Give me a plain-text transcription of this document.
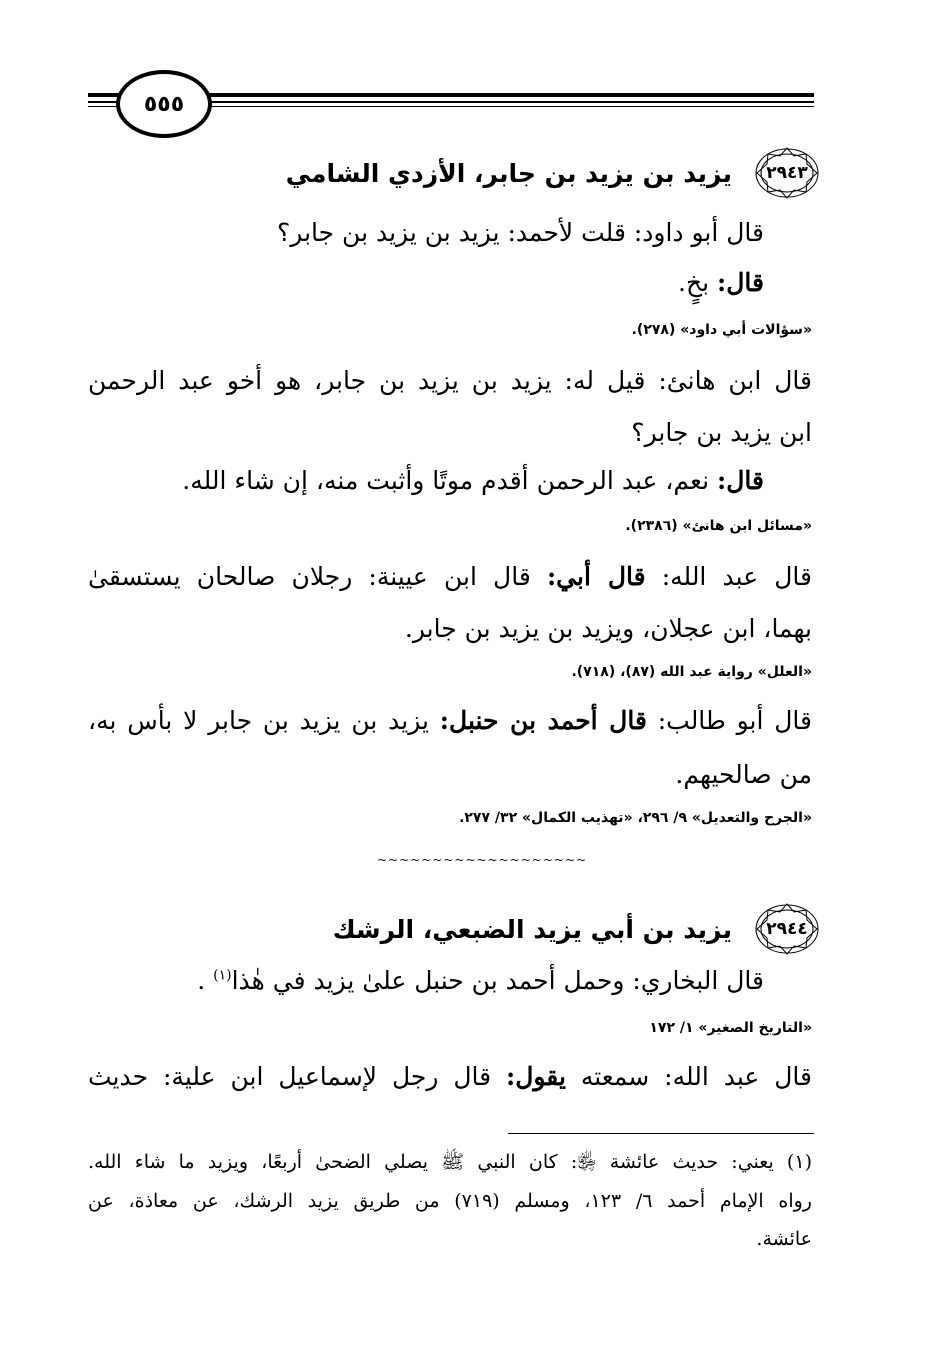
٥٥٥
٢٩٤٣
يزيد بن يزيد بن جابر، الأزدي الشامي
قال أبو داود: قلت لأحمد: يزيد بن يزيد بن جابر؟
قال: بخٍ.
«سؤالات أبي داود» (٢٧٨).
قال ابن هانئ: قيل له: يزيد بن يزيد بن جابر، هو أخو عبد الرحمن
ابن يزيد بن جابر؟
قال: نعم، عبد الرحمن أقدم موتًا وأثبت منه، إن شاء الله.
«مسائل ابن هانئ» (٢٣٨٦).
قال عبد الله: قال أبي: قال ابن عيينة: رجلان صالحان يستسقىٰ
بهما، ابن عجلان، ويزيد بن يزيد بن جابر.
«العلل» رواية عبد الله (٨٧)، (٧١٨).
قال أبو طالب: قال أحمد بن حنبل: يزيد بن يزيد بن جابر لا بأس به،
من صالحيهم.
«الجرح والتعديل» ٩/ ٢٩٦، «تهذيب الكمال» ٣٢/ ٢٧٧.
~~~~~~~~~~~~~~~~~~~
٢٩٤٤
يزيد بن أبي يزيد الضبعي، الرشك
قال البخاري: وحمل أحمد بن حنبل علىٰ يزيد في هٰذا$^{(١)}$ .
«التاريخ الصغير» ١/ ١٧٢
قال عبد الله: سمعته يقول: قال رجل لإسماعيل ابن علية: حديث
(١) يعني: حديث عائشة ﵂: كان النبي ﷺ يصلي الضحىٰ أربعًا، ويزيد ما شاء الله.
رواه الإمام أحمد ٦/ ١٢٣، ومسلم (٧١٩) من طريق يزيد الرشك، عن معاذة، عن
عائشة.
